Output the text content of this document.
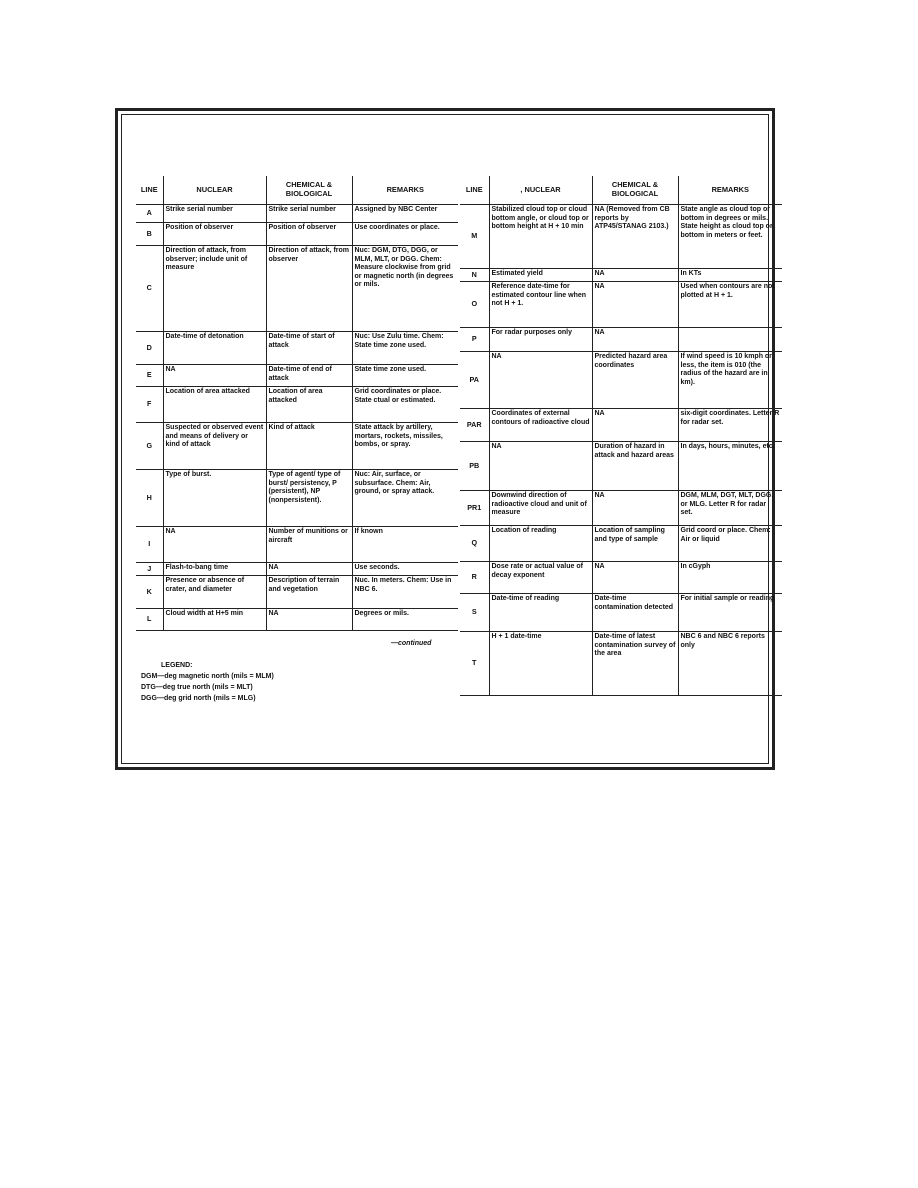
LINE	NUCLEAR	CHEMICAL & BIOLOGICAL	REMARKS
A	Strike serial number	Strike serial number	Assigned by NBC Center
B	Position of observer	Position of observer	Use coordinates or place.
C	Direction of attack, from observer; include unit of measure	Direction of attack, from observer	Nuc: DGM, DTG, DGG, or MLM, MLT, or DGG. Chem: Measure clockwise from grid or magnetic north (in degrees or mils.
D	Date-time of detonation	Date-time of start of attack	Nuc: Use Zulu time. Chem: State time zone used.
E	NA	Date-time of end of attack	State time zone used.
F	Location of area attacked	Location of area attacked	Grid coordinates or place. State ctual or estimated.
G	Suspected or observed event and means of delivery or kind of attack	Kind of attack	State attack by artillery, mortars, rockets, missiles, bombs, or spray.
H	Type of burst.	Type of agent/ type of burst/ persistency, P (persistent), NP (nonpersistent).	Nuc: Air, surface, or subsurface. Chem: Air, ground, or spray attack.
I	NA	Number of munitions or aircraft	If known
J	Flash-to-bang time	NA	Use seconds.
K	Presence or absence of crater, and diameter	Description of terrain and vegetation	Nuc. In meters. Chem: Use in NBC 6.
L	Cloud width at H+5 min	NA	Degrees or mils.
—continued
LEGEND:
DGM—deg magnetic north (mils = MLM)
DTG—deg true north (mils = MLT)
DGG—deg grid north (mils = MLG)
LINE	, NUCLEAR	CHEMICAL & BIOLOGICAL	REMARKS
M	Stabilized cloud top or cloud bottom angle, or cloud top or bottom height at H + 10 min	NA (Removed from CB reports by ATP45/STANAG 2103.)	State angle as cloud top or bottom in degrees or mils. State height as cloud top or bottom in meters or feet.
N	Estimated yield	NA	In KTs
O	Reference date-time for estimated contour line when not H + 1.	NA	Used when contours are not plotted at H + 1.
P	For radar purposes only	NA	
PA	NA	Predicted hazard area coordinates	If wind speed is 10 kmph or less, the item is 010 (the radius of the hazard are in km).
PAR	Coordinates of external contours of radioactive cloud	NA	six-digit coordinates. Letter R for radar set.
PB	NA	Duration of hazard in attack and hazard areas	In days, hours, minutes, etc.
PR1	Downwind direction of radioactive cloud and unit of measure	NA	DGM, MLM, DGT, MLT, DGG, or MLG. Letter R for radar set.
Q	Location of reading	Location of sampling and type of sample	Grid coord or place. Chem: Air or liquid
R	Dose rate or actual value of decay exponent	NA	In cGyph
S	Date-time of reading	Date-time contamination detected	For initial sample or reading
T	H + 1 date-time	Date-time of latest contamination survey of the area	NBC 6 and NBC 6 reports only
